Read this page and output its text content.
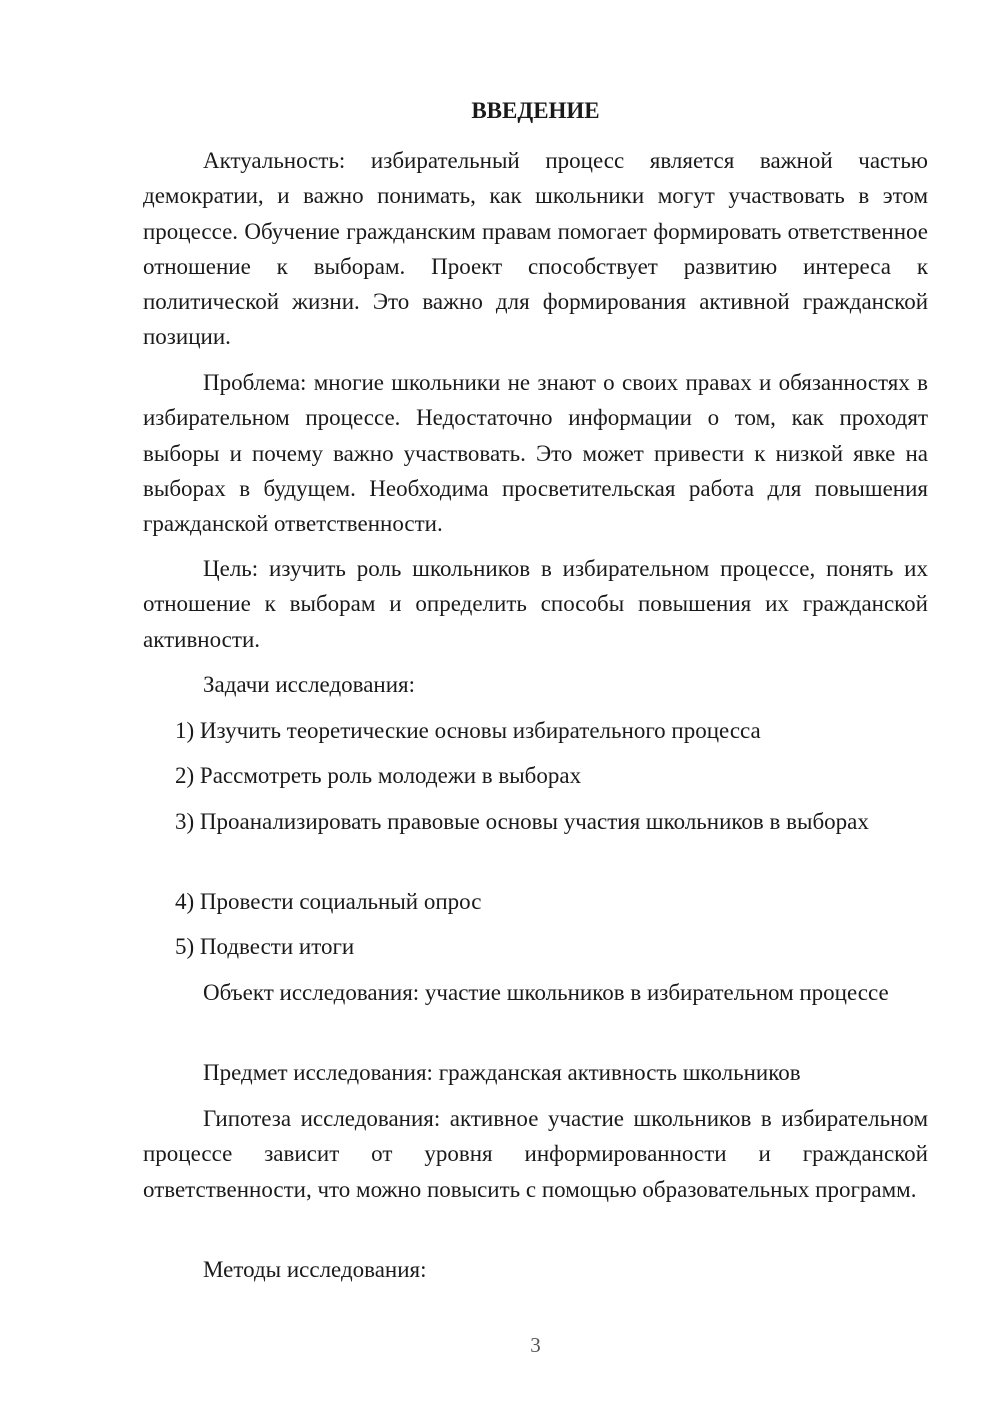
ВВЕДЕНИЕ

Актуальность: избирательный процесс является важной частью демократии, и важно понимать, как школьники могут участвовать в этом процессе. Обучение гражданским правам помогает формировать ответственное отношение к выборам. Проект способствует развитию интереса к политической жизни. Это важно для формирования активной гражданской позиции.

Проблема: многие школьники не знают о своих правах и обязанностях в избирательном процессе. Недостаточно информации о том, как проходят выборы и почему важно участвовать. Это может привести к низкой явке на выборах в будущем. Необходима просветительская работа для повышения гражданской ответственности.

Цель: изучить роль школьников в избирательном процессе, понять их отношение к выборам и определить способы повышения их гражданской активности.

Задачи исследования:

1) Изучить теоретические основы избирательного процесса

2) Рассмотреть роль молодежи в выборах

3) Проанализировать правовые основы участия школьников в выборах

4) Провести социальный опрос

5) Подвести итоги

Объект исследования: участие школьников в избирательном процессе

Предмет исследования: гражданская активность школьников

Гипотеза исследования: активное участие школьников в избирательном процессе зависит от уровня информированности и гражданской ответственности, что можно повысить с помощью образовательных программ.

Методы исследования:

3
